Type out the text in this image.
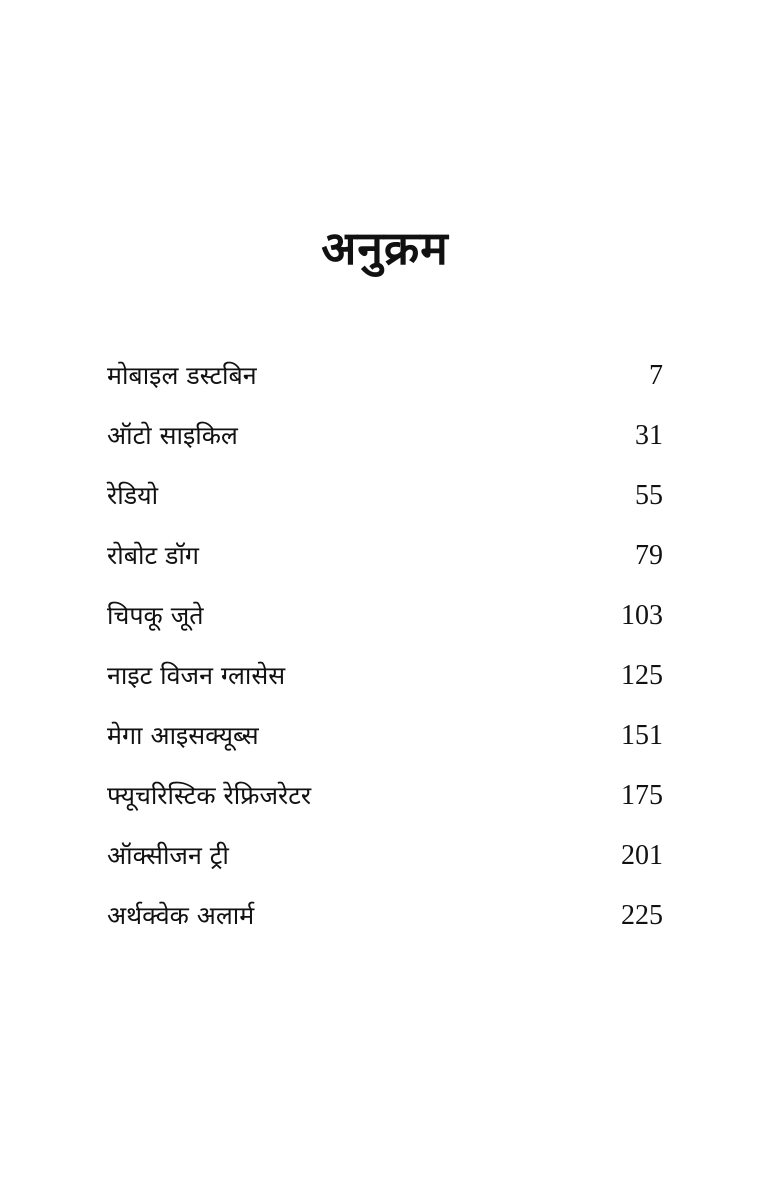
अनुक्रम
मोबाइल डस्टबिन	7
ऑटो साइकिल	31
रेडियो	55
रोबोट डॉग	79
चिपकू जूते	103
नाइट विजन ग्लासेस	125
मेगा आइसक्यूब्स	151
फ्यूचरिस्टिक रेफ्रिजरेटर	175
ऑक्सीजन ट्री	201
अर्थक्वेक अलार्म	225
